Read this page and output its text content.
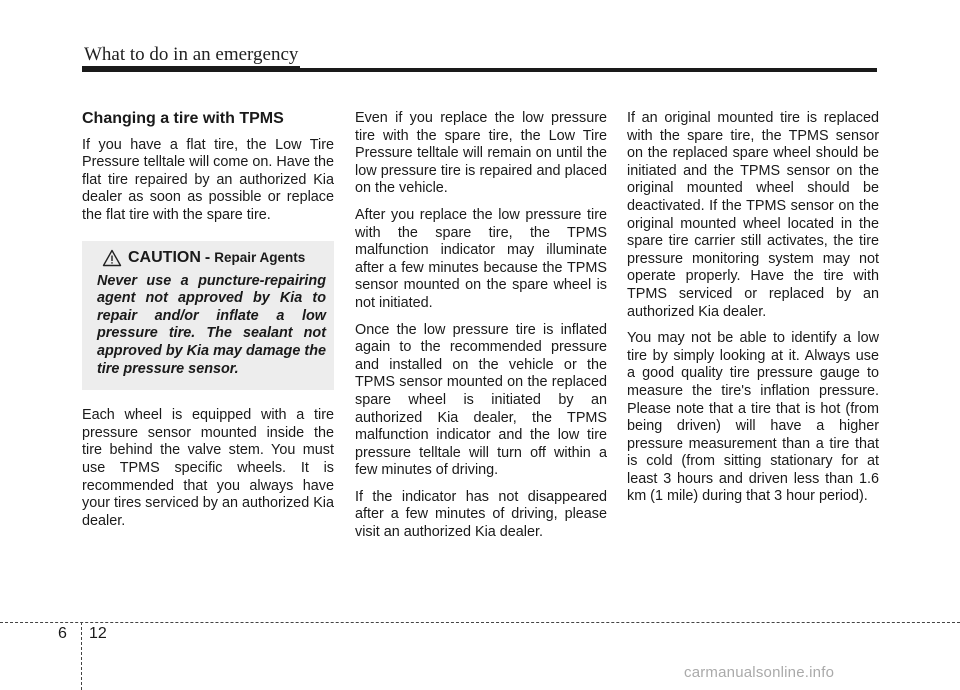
What to do in an emergency

Changing a tire with TPMS

If you have a flat tire, the Low Tire Pressure telltale will come on. Have the flat tire repaired by an authorized Kia dealer as soon as possible or replace the flat tire with the spare tire.

CAUTION - Repair Agents
Never use a puncture-repairing agent not approved by Kia to repair and/or inflate a low pressure tire. The sealant not approved by Kia may damage the tire pressure sensor.

Each wheel is equipped with a tire pressure sensor mounted inside the tire behind the valve stem. You must use TPMS specific wheels. It is recommended that you always have your tires serviced by an authorized Kia dealer.

Even if you replace the low pressure tire with the spare tire, the Low Tire Pressure telltale will remain on until the low pressure tire is repaired and placed on the vehicle.

After you replace the low pressure tire with the spare tire, the TPMS malfunction indicator may illuminate after a few minutes because the TPMS sensor mounted on the spare wheel is not initiated.

Once the low pressure tire is inflated again to the recommended pressure and installed on the vehicle or the TPMS sensor mounted on the replaced spare wheel is initiated by an authorized Kia dealer, the TPMS malfunction indicator and the low tire pressure telltale will turn off within a few minutes of driving.

If the indicator has not disappeared after a few minutes of driving, please visit an authorized Kia dealer.

If an original mounted tire is replaced with the spare tire, the TPMS sensor on the replaced spare wheel should be initiated and the TPMS sensor on the original mounted wheel should be deactivated. If the TPMS sensor on the original mounted wheel located in the spare tire carrier still activates, the tire pressure monitoring system may not operate properly. Have the tire with TPMS serviced or replaced by an authorized Kia dealer.

You may not be able to identify a low tire by simply looking at it. Always use a good quality tire pressure gauge to measure the tire's inflation pressure. Please note that a tire that is hot (from being driven) will have a higher pressure measurement than a tire that is cold (from sitting stationary for at least 3 hours and driven less than 1.6 km (1 mile) during that 3 hour period).

6 12
carmanualsonline.info
